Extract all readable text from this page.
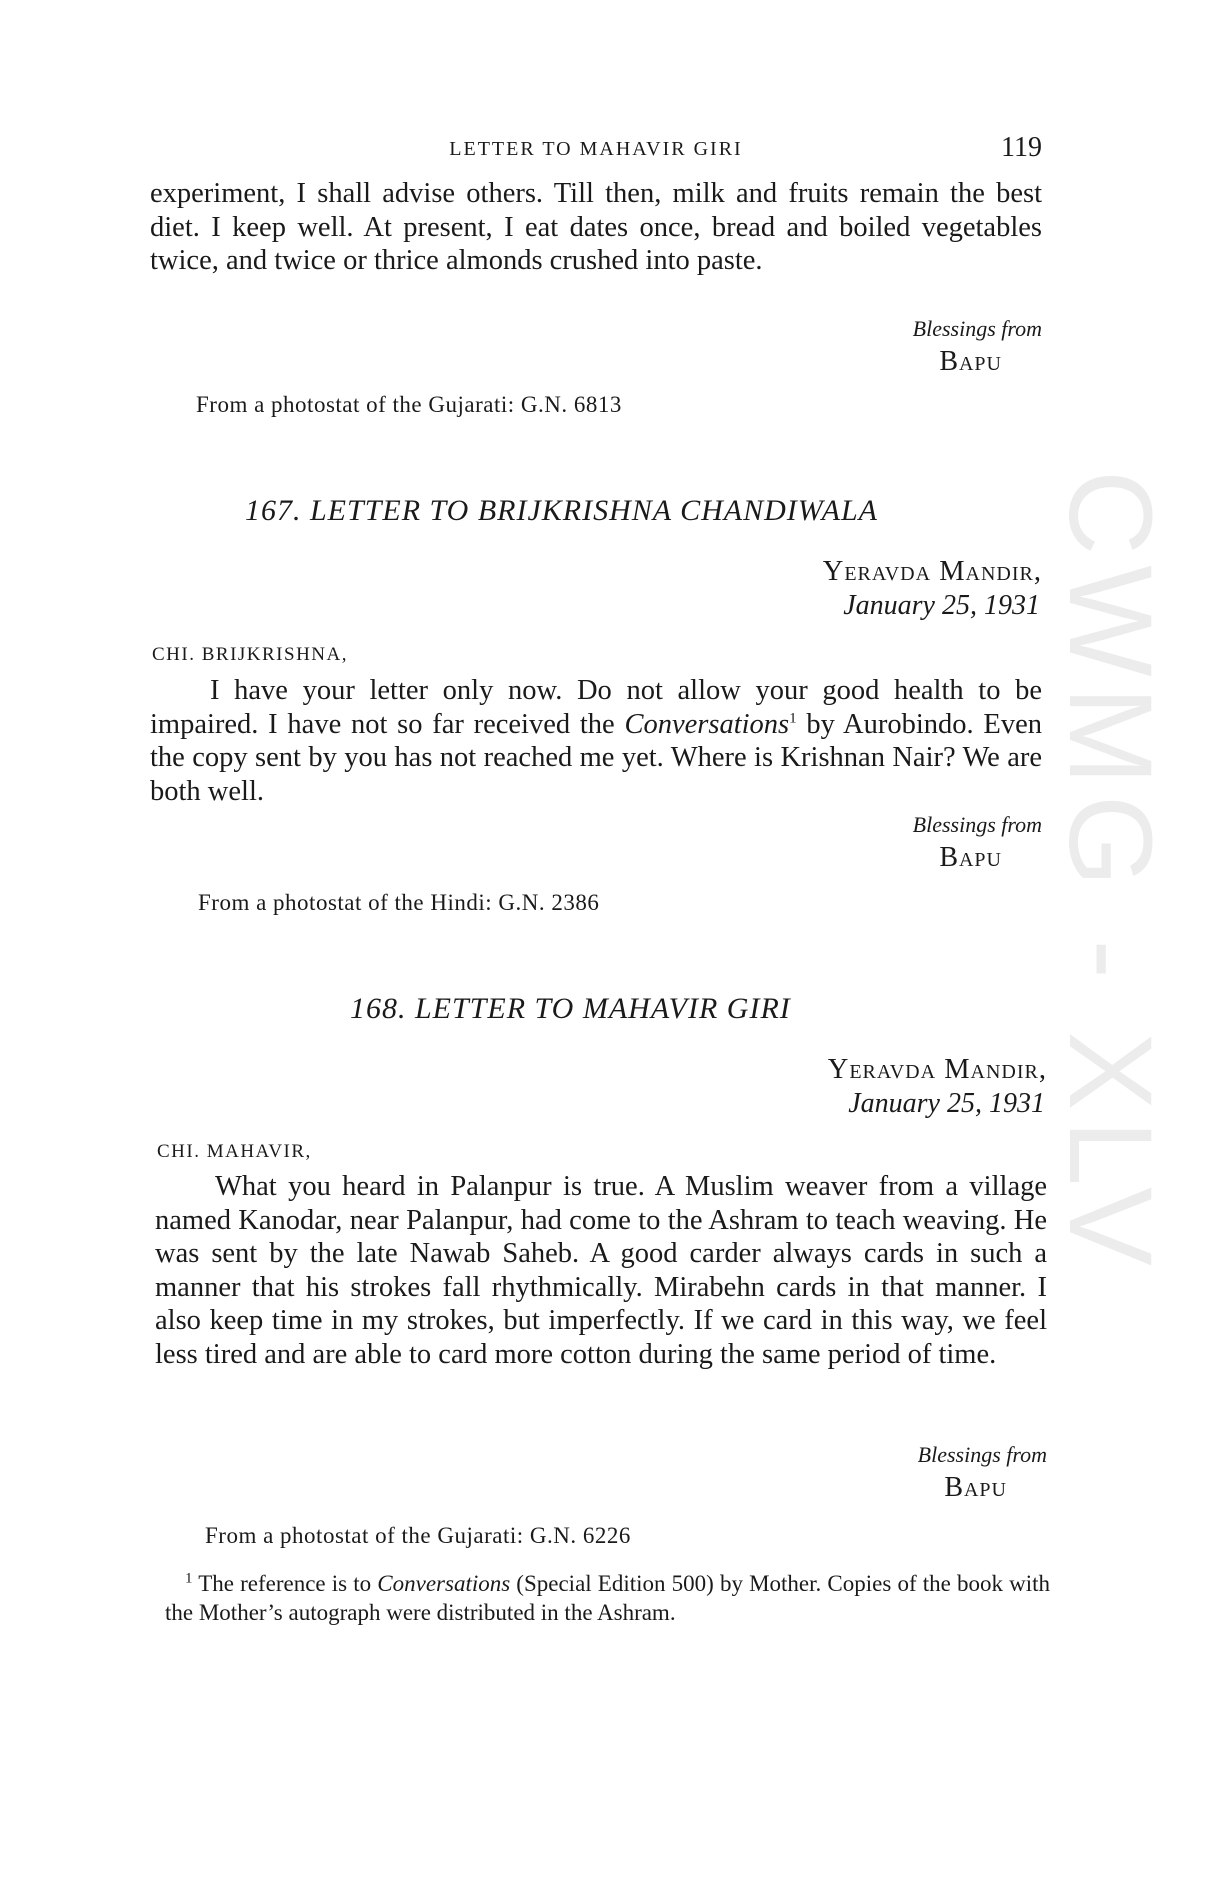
CWMG - XLV
LETTER TO MAHAVIR GIRI	119

experiment, I shall advise others. Till then, milk and fruits remain the best diet. I keep well. At present, I eat dates once, bread and boiled vegetables twice, and twice or thrice almonds crushed into paste.

Blessings from
Bapu
From a photostat of the Gujarati: G.N. 6813
167. LETTER TO BRIJKRISHNA CHANDIWALA
Yeravda Mandir,
January 25, 1931
CHI. BRIJKRISHNA,

I have your letter only now. Do not allow your good health to be impaired. I have not so far received the Conversations$^1$ by Aurobindo. Even the copy sent by you has not reached me yet. Where is Krishnan Nair? We are both well.

Blessings from
Bapu
From a photostat of the Hindi: G.N. 2386
168. LETTER TO MAHAVIR GIRI
Yeravda Mandir,
January 25, 1931
CHI. MAHAVIR,

What you heard in Palanpur is true. A Muslim weaver from a village named Kanodar, near Palanpur, had come to the Ashram to teach weaving. He was sent by the late Nawab Saheb. A good carder always cards in such a manner that his strokes fall rhythmically. Mirabehn cards in that manner. I also keep time in my strokes, but imperfectly. If we card in this way, we feel less tired and are able to card more cotton during the same period of time.

Blessings from
Bapu
From a photostat of the Gujarati: G.N. 6226
$^1$ The reference is to Conversations (Special Edition 500) by Mother. Copies of the book with the Mother’s autograph were distributed in the Ashram.
